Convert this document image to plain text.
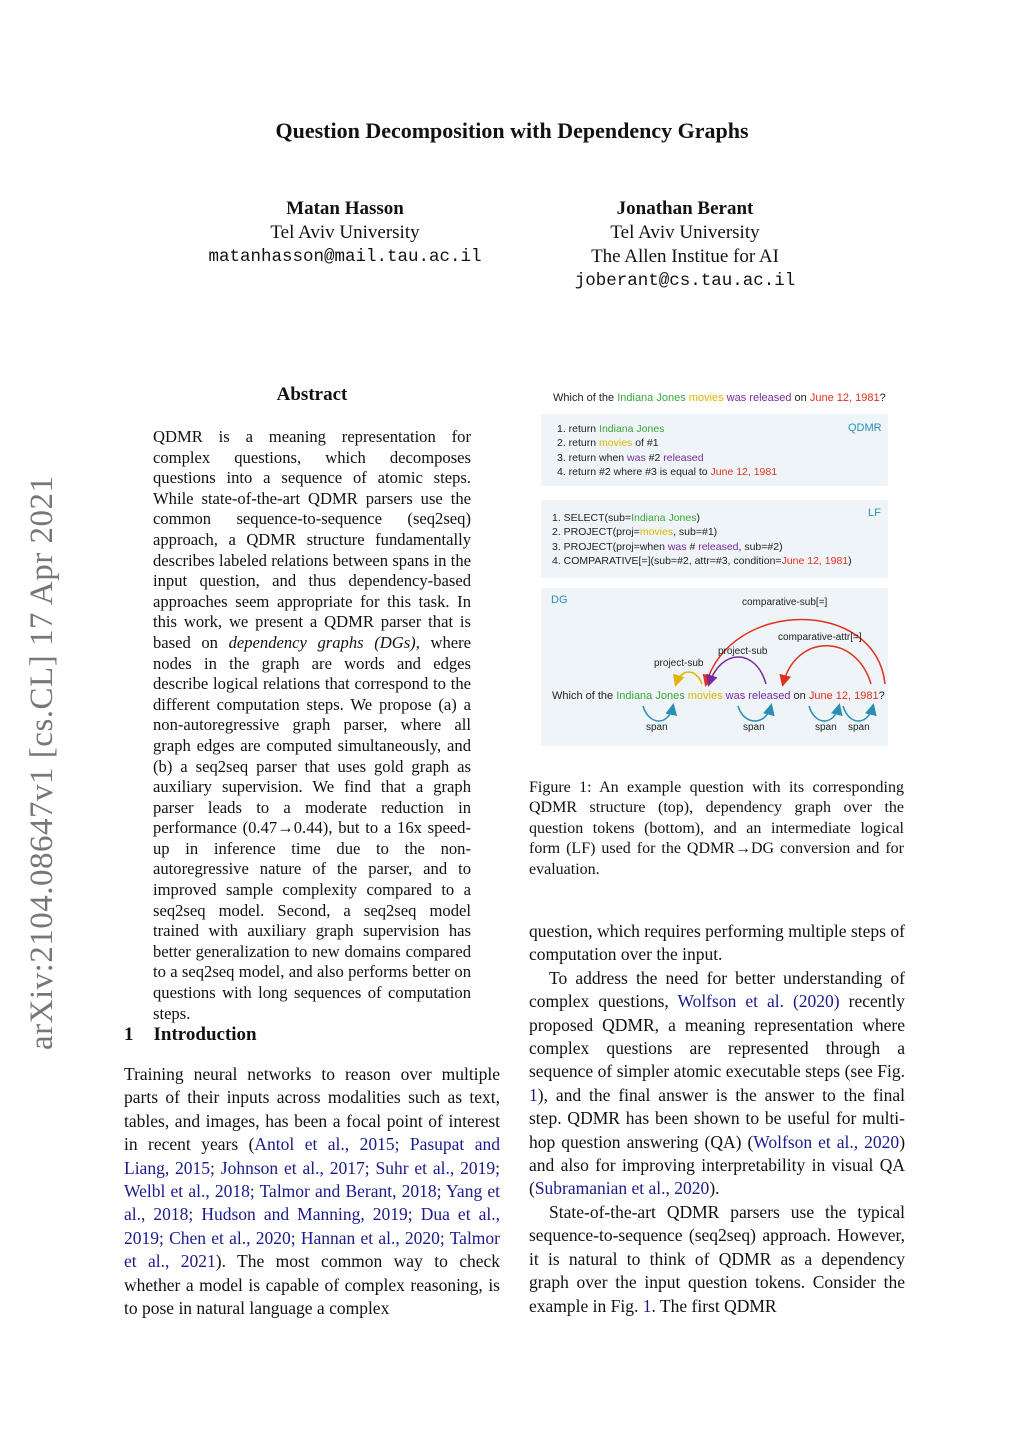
arXiv:2104.08647v1 [cs.CL] 17 Apr 2021
Question Decomposition with Dependency Graphs
Matan Hasson
Tel Aviv University
matanhasson@mail.tau.ac.il
Jonathan Berant
Tel Aviv University
The Allen Institue for AI
joberant@cs.tau.ac.il
Abstract

QDMR is a meaning representation for complex questions, which decomposes questions into a sequence of atomic steps. While state-of-the-art QDMR parsers use the common sequence-to-sequence (seq2seq) approach, a QDMR structure fundamentally describes labeled relations between spans in the input question, and thus dependency-based approaches seem appropriate for this task. In this work, we present a QDMR parser that is based on dependency graphs (DGs), where nodes in the graph are words and edges describe logical relations that correspond to the different computation steps. We propose (a) a non-autoregressive graph parser, where all graph edges are computed simultaneously, and (b) a seq2seq parser that uses gold graph as auxiliary supervision. We find that a graph parser leads to a moderate reduction in performance (0.47→0.44), but to a 16x speed-up in inference time due to the non-autoregressive nature of the parser, and to improved sample complexity compared to a seq2seq model. Second, a seq2seq model trained with auxiliary graph supervision has better generalization to new domains compared to a seq2seq model, and also performs better on questions with long sequences of computation steps.

1 Introduction

Training neural networks to reason over multiple parts of their inputs across modalities such as text, tables, and images, has been a focal point of interest in recent years (Antol et al., 2015; Pasupat and Liang, 2015; Johnson et al., 2017; Suhr et al., 2019; Welbl et al., 2018; Talmor and Berant, 2018; Yang et al., 2018; Hudson and Manning, 2019; Dua et al., 2019; Chen et al., 2020; Hannan et al., 2020; Talmor et al., 2021). The most common way to check whether a model is capable of complex reasoning, is to pose in natural language a complex

Which of the Indiana Jones movies was released on June 12, 1981?
QDMR
1. return Indiana Jones
2. return movies of #1
3. return when was #2 released
4. return #2 where #3 is equal to June 12, 1981
LF
1. SELECT(sub=Indiana Jones)
2. PROJECT(proj=movies, sub=#1)
3. PROJECT(proj=when was # released, sub=#2)
4. COMPARATIVE[=](sub=#2, attr=#3, condition=June 12, 1981)
DG	comparative-sub[=]
comparative-attr[=]
project-sub
project-sub
Which of the Indiana Jones movies was released on June 12, 1981?
span	span	span span
Figure 1: An example question with its corresponding QDMR structure (top), dependency graph over the question tokens (bottom), and an intermediate logical form (LF) used for the QDMR→DG conversion and for evaluation.

question, which requires performing multiple steps of computation over the input.

To address the need for better understanding of complex questions, Wolfson et al. (2020) recently proposed QDMR, a meaning representation where complex questions are represented through a sequence of simpler atomic executable steps (see Fig. 1), and the final answer is the answer to the final step. QDMR has been shown to be useful for multi-hop question answering (QA) (Wolfson et al., 2020) and also for improving interpretability in visual QA (Subramanian et al., 2020).

State-of-the-art QDMR parsers use the typical sequence-to-sequence (seq2seq) approach. However, it is natural to think of QDMR as a dependency graph over the input question tokens. Consider the example in Fig. 1. The first QDMR
